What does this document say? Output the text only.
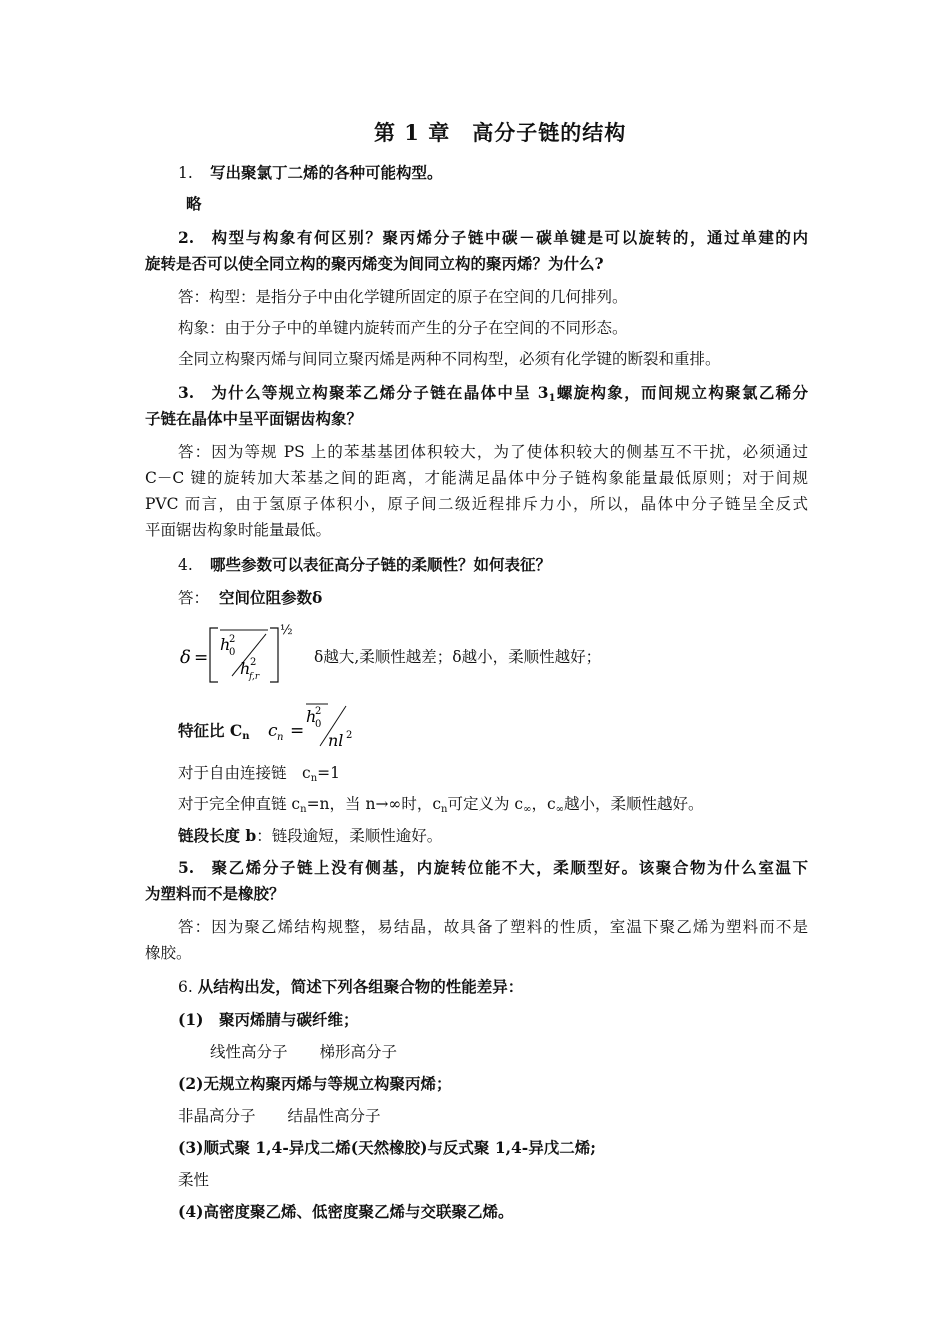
第 1 章　高分子链的结构
1. 写出聚氯丁二烯的各种可能构型。
略
2. 构型与构象有何区别？聚丙烯分子链中碳－碳单键是可以旋转的，通过单建的内
旋转是否可以使全同立构的聚丙烯变为间同立构的聚丙烯？为什么?
答：构型：是指分子中由化学键所固定的原子在空间的几何排列。
构象：由于分子中的单键内旋转而产生的分子在空间的不同形态。
全同立构聚丙烯与间同立聚丙烯是两种不同构型，必须有化学键的断裂和重排。
3. 为什么等规立构聚苯乙烯分子链在晶体中呈 $3_1$螺旋构象，而间规立构聚氯乙稀分
子链在晶体中呈平面锯齿构象？
答：因为等规 PS 上的苯基基团体积较大，为了使体积较大的侧基互不干扰，必须通过
C－C 键的旋转加大苯基之间的距离，才能满足晶体中分子链构象能量最低原则；对于间规
PVC 而言，由于氢原子体积小，原子间二级近程排斥力小，所以，晶体中分子链呈全反式
平面锯齿构象时能量最低。
4. 哪些参数可以表征高分子链的柔顺性？如何表征？
答： 空间位阻参数δ
δ =
h
2
0
h 2
f,r
½
δ越大,柔顺性越差；δ越小，柔顺性越好；
特征比 $C_n$ c n =
h
2
0
nl 2
对于自由连接链　$c_n=1$
对于完全伸直链 $c_n=n$，当 n→∞时，$c_n$可定义为 $c_\infty$，$c_\infty$越小，柔顺性越好。
链段长度 b：链段逾短，柔顺性逾好。
5. 聚乙烯分子链上没有侧基，内旋转位能不大，柔顺型好。该聚合物为什么室温下
为塑料而不是橡胶？
答：因为聚乙烯结构规整，易结晶，故具备了塑料的性质，室温下聚乙烯为塑料而不是
橡胶。
6. 从结构出发，简述下列各组聚合物的性能差异：
(1)　聚丙烯腈与碳纤维；
线性高分子 梯形高分子
(2)无规立构聚丙烯与等规立构聚丙烯；
非晶高分子 结晶性高分子
(3)顺式聚 1,4-异戊二烯(天然橡胶)与反式聚 1,4-异戊二烯;
柔性
(4)高密度聚乙烯、低密度聚乙烯与交联聚乙烯。
